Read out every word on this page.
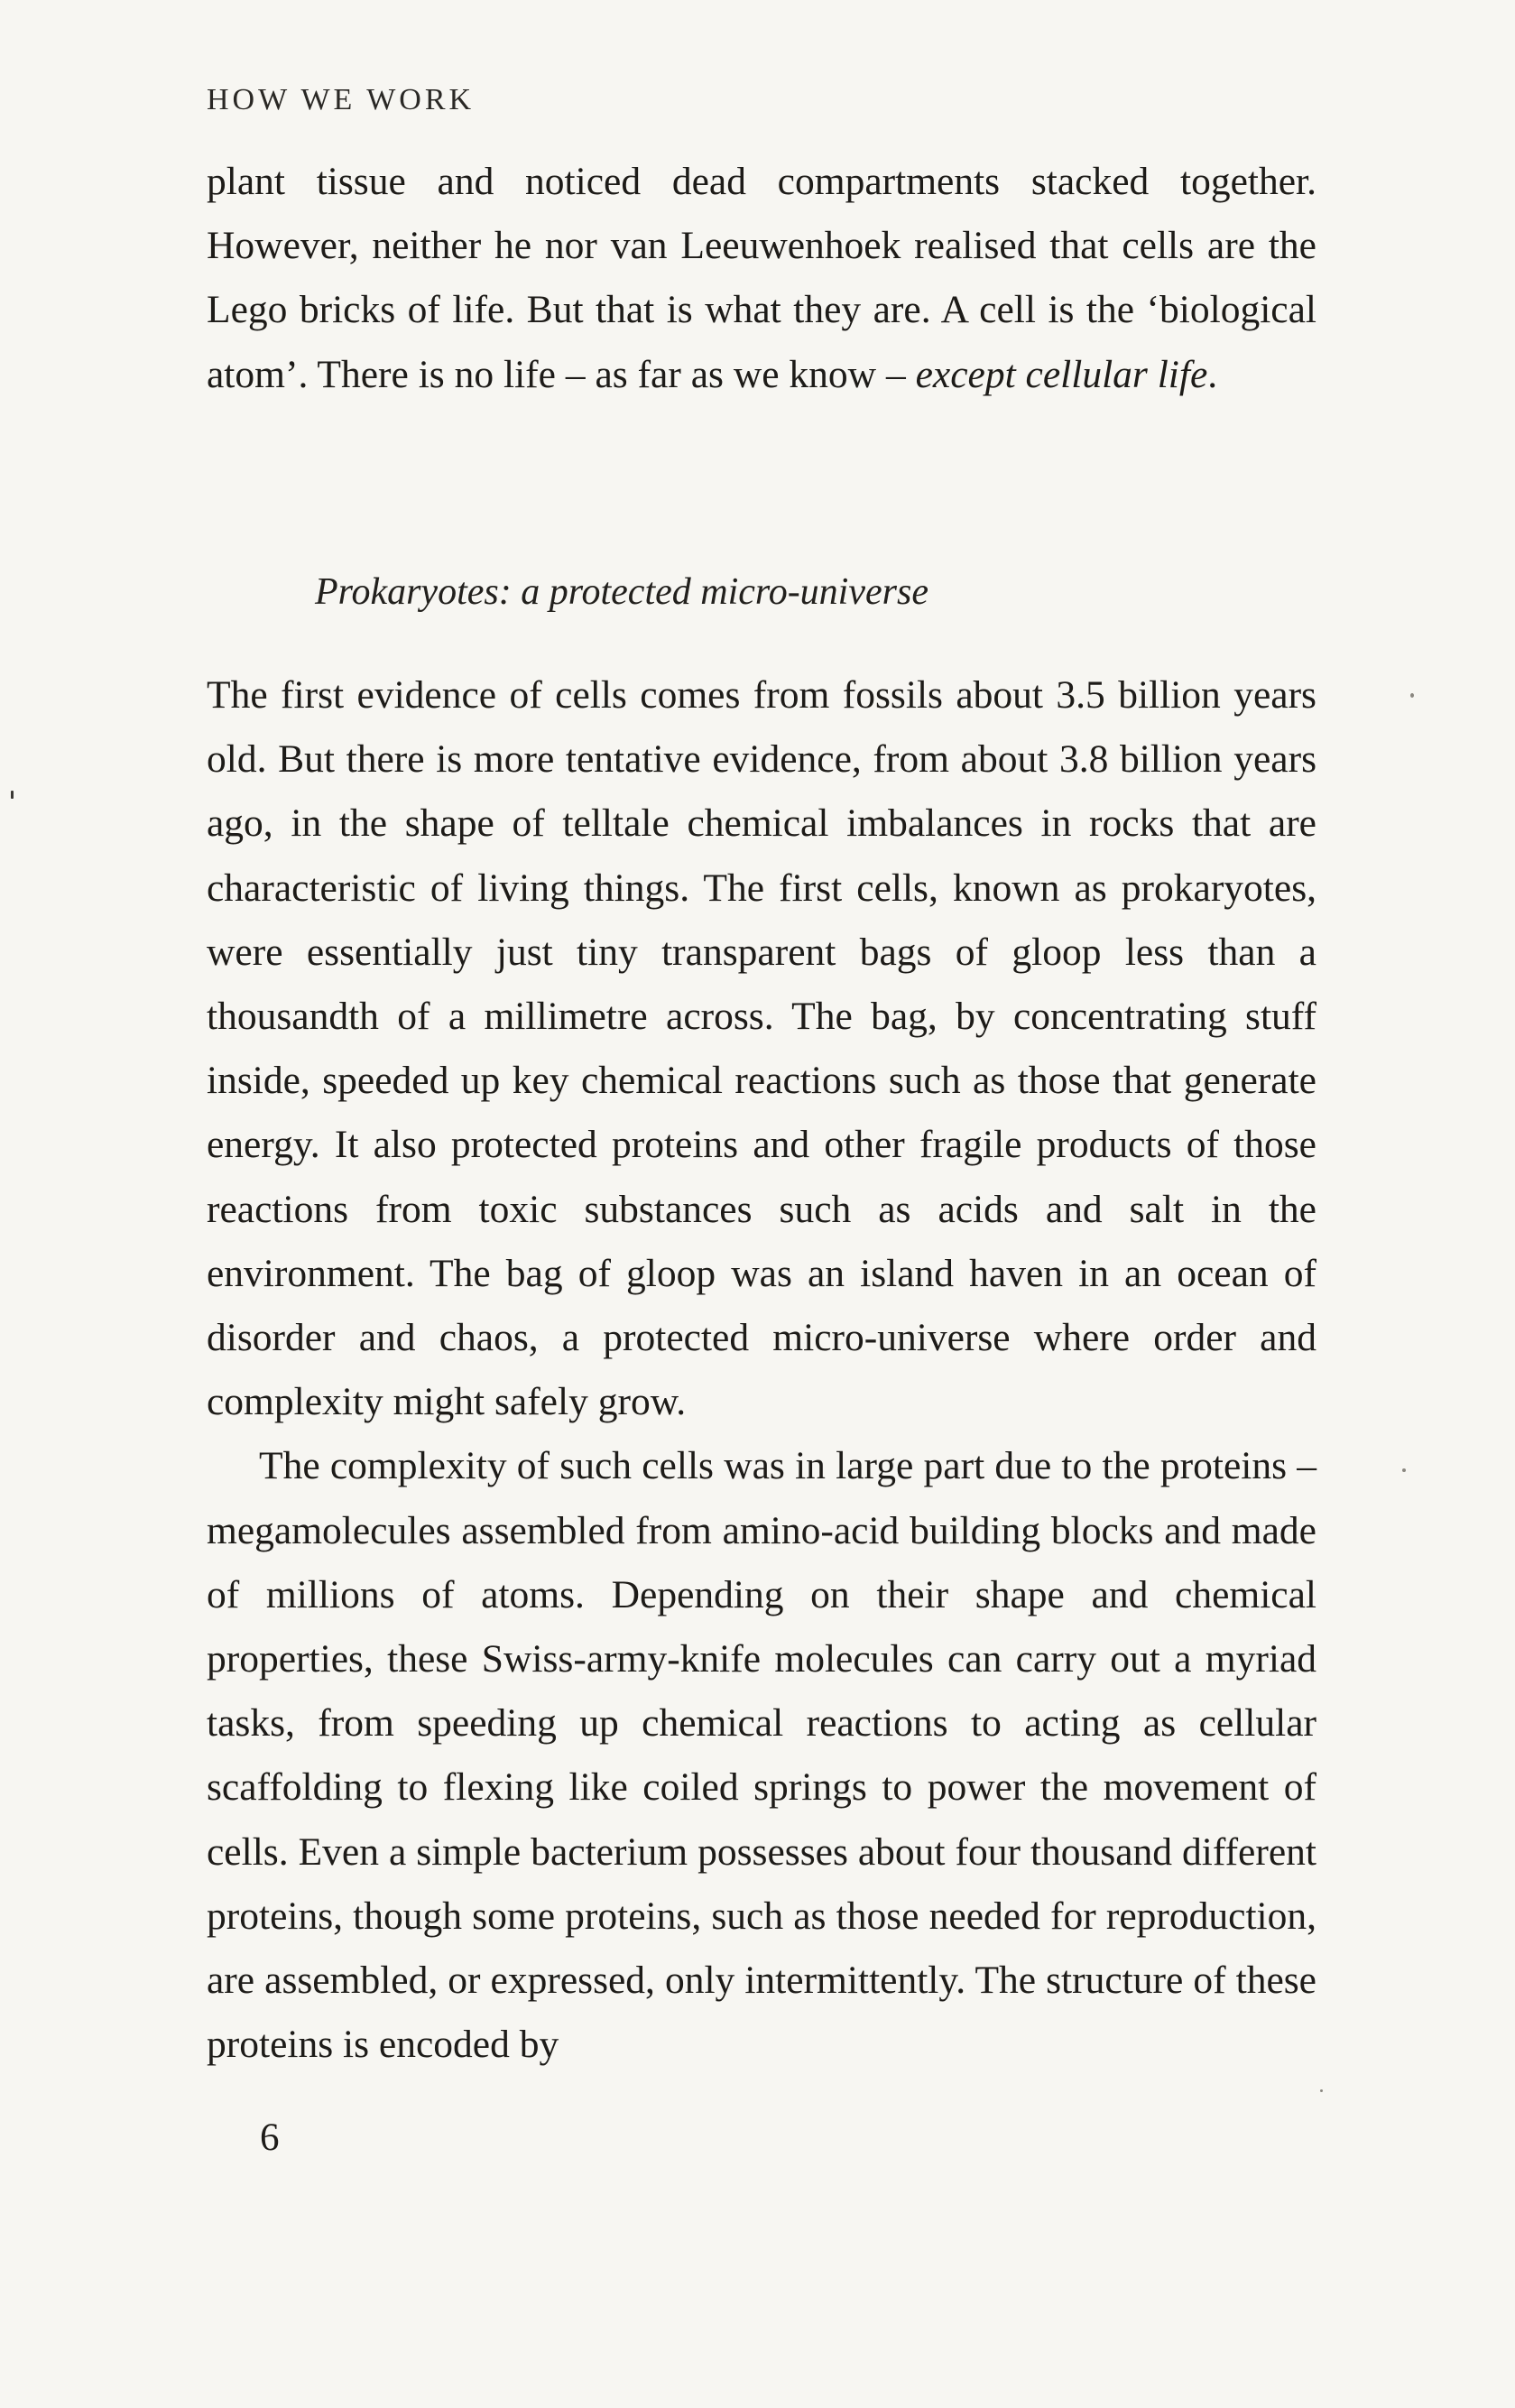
HOW WE WORK

plant tissue and noticed dead compartments stacked together. However, neither he nor van Leeuwenhoek realised that cells are the Lego bricks of life. But that is what they are. A cell is the ‘biological atom’. There is no life – as far as we know – except cellular life.

Prokaryotes: a protected micro-universe

The first evidence of cells comes from fossils about 3.5 billion years old. But there is more tentative evidence, from about 3.8 billion years ago, in the shape of telltale chemical imbalances in rocks that are characteristic of living things. The first cells, known as prokaryotes, were essentially just tiny transparent bags of gloop less than a thousandth of a millimetre across. The bag, by concentrating stuff inside, speeded up key chemical reactions such as those that generate energy. It also protected proteins and other fragile products of those reactions from toxic substances such as acids and salt in the environment. The bag of gloop was an island haven in an ocean of disorder and chaos, a protected micro-universe where order and complexity might safely grow.

The complexity of such cells was in large part due to the proteins – megamolecules assembled from amino-acid building blocks and made of millions of atoms. Depending on their shape and chemical properties, these Swiss-army-knife molecules can carry out a myriad tasks, from speeding up chemical reactions to acting as cellular scaffolding to flexing like coiled springs to power the movement of cells. Even a simple bacterium possesses about four thousand different proteins, though some proteins, such as those needed for reproduction, are assembled, or expressed, only intermittently. The structure of these proteins is encoded by

6
